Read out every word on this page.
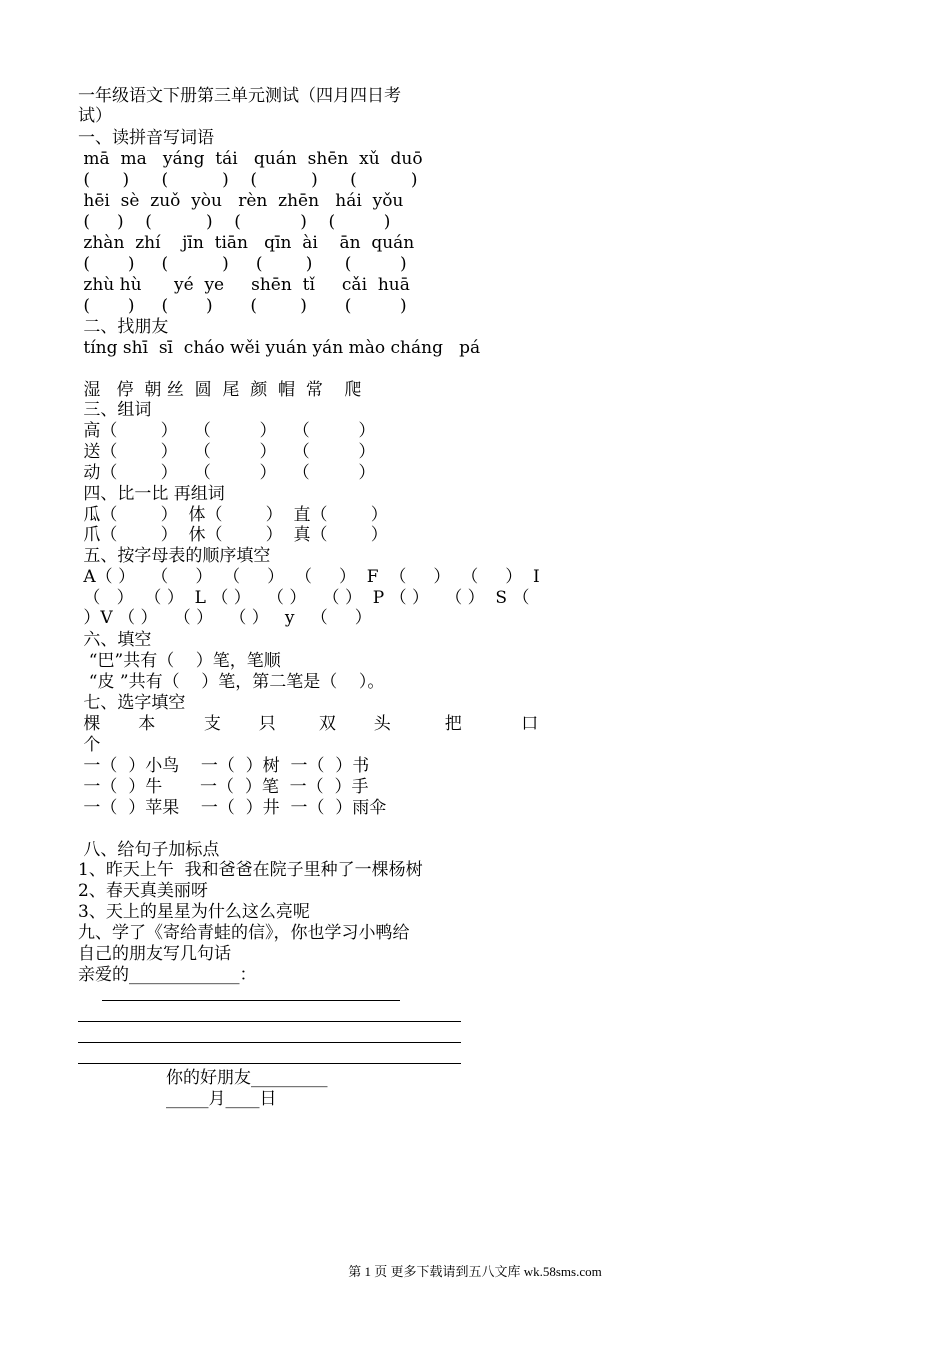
一年级语文下册第三单元测试（四月四日考
试）
一、读拼音写词语
mā  ma   yáng  tái   quán  shēn  xǔ  duō
(      )      (          )    (          )      (          )
hēi  sè  zuǒ  yòu   rèn  zhēn   hái  yǒu
(     )    (          )    (           )    (         )
zhàn  zhí    jīn  tiān   qīn  ài    ān  quán
(       )     (          )     (        )      (         )
zhù hù      yé  ye     shēn  tǐ     cǎi  huā
(       )     (       )       (        )       (         )
二、找朋友
tíng shī  sī  cháo wěi yuán yán mào cháng   pá
湿   停  朝 丝  圆  尾  颜  帽  常    爬
三、组词
高（        ）   （         ）   （         ）
送（        ）   （         ）   （         ）
动（        ）   （         ）   （         ）
四、比一比 再组词
瓜（        ）  体（        ）  直（        ）
爪（        ）  休（        ）  真（        ）
五、按字母表的顺序填空
A（ ）   （     ）  （     ）  （     ）  F  （     ）  （     ）  I
（   ）  （ ）  L （ ）   （ ）   （ ）  P （ ）   （ ）  S （
）V （ ）   （ ）   （ ）   y   （     ）
六、填空
“巴”共有（    ）笔，笔顺
“皮 ”共有（    ）笔，第二笔是（    ）。
七、选字填空
棵       本         支       只        双       头          把           口
个
一（  ）小鸟    一（  ）树  一（  ）书
一（  ）牛       一（  ）笔  一（  ）手
一（  ）苹果    一（  ）井  一（  ）雨伞
八、给句子加标点
1、昨天上午  我和爸爸在院子里种了一棵杨树
2、春天真美丽呀
3、天上的星星为什么这么亮呢
九、学了《寄给青蛙的信》，你也学习小鸭给
自己的朋友写几句话
亲爱的_____________：
你的好朋友_________
_____月____日
第 1 页 更多下载请到五八文库 wk.58sms.com
